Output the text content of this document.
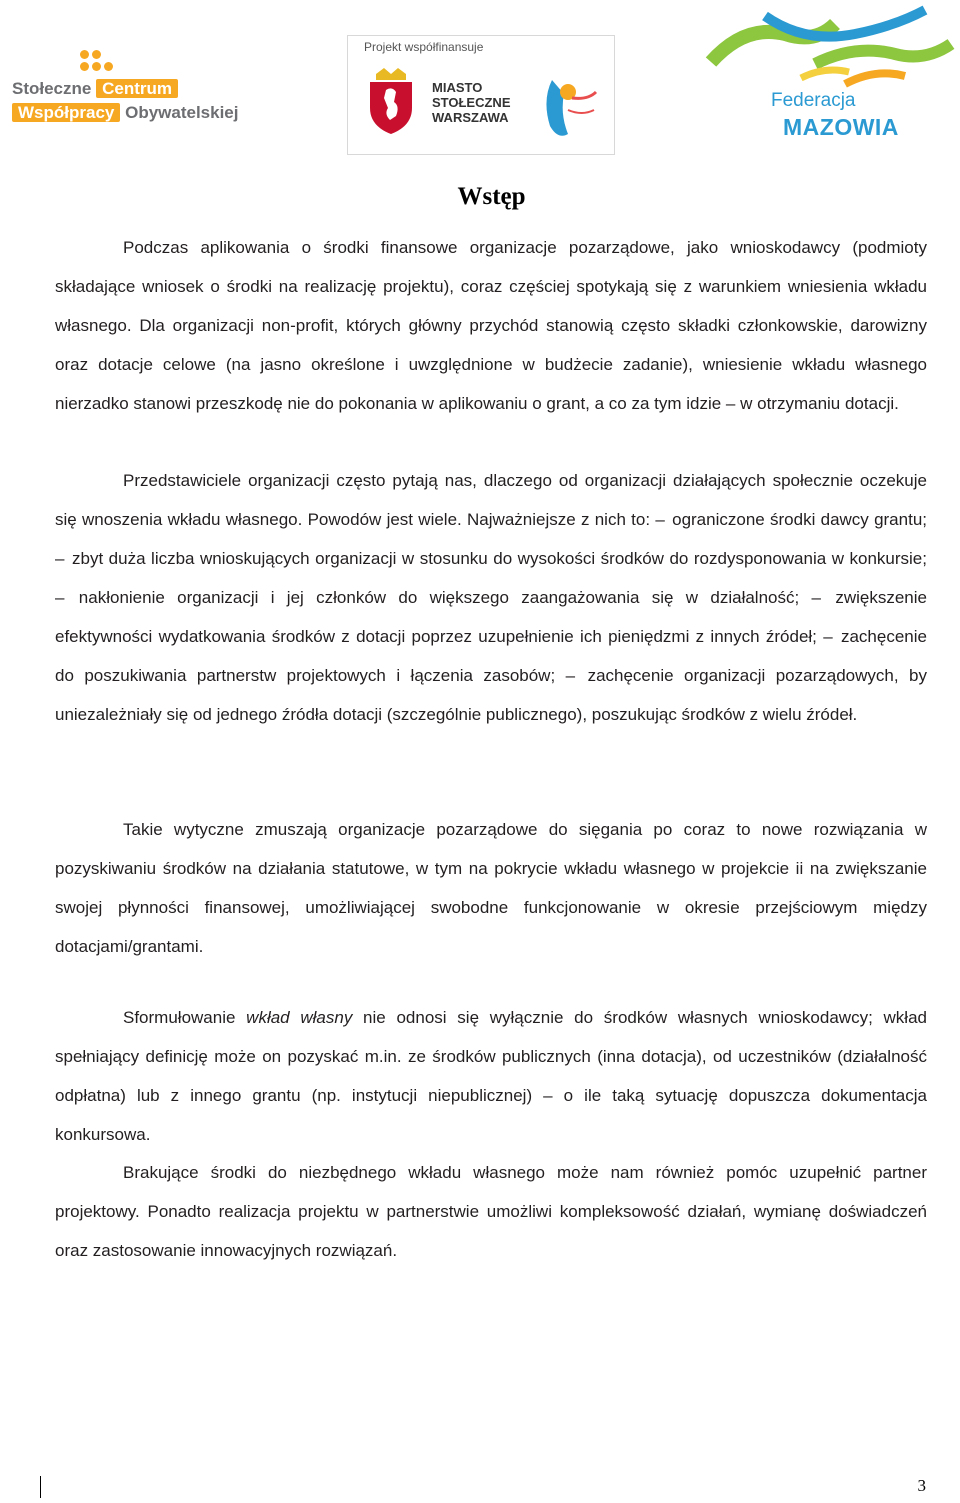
Stołeczne Centrum
Współpracy Obywatelskiej
Projekt współfinansuje
MIASTO
STOŁECZNE
WARSZAWA
Federacja
MAZOWIA
Wstęp
Podczas aplikowania o środki finansowe organizacje pozarządowe, jako wnioskodawcy (podmioty składające wniosek o środki na realizację projektu), coraz częściej spotykają się z warunkiem wniesienia wkładu własnego. Dla organizacji non-profit, których główny przychód stanowią często składki członkowskie, darowizny oraz dotacje celowe (na jasno określone i uwzględnione w budżecie zadanie), wniesienie wkładu własnego nierzadko stanowi przeszkodę nie do pokonania w aplikowaniu o grant, a co za tym idzie – w otrzymaniu dotacji.
Przedstawiciele organizacji często pytają nas, dlaczego od organizacji działających społecznie oczekuje się wnoszenia wkładu własnego. Powodów jest wiele. Najważniejsze z nich to: – ograniczone środki dawcy grantu; – zbyt duża liczba wnioskujących organizacji w stosunku do wysokości środków do rozdysponowania w konkursie; – nakłonienie organizacji i jej członków do większego zaangażowania się w działalność; – zwiększenie efektywności wydatkowania środków z dotacji poprzez uzupełnienie ich pieniędzmi z innych źródeł; – zachęcenie do poszukiwania partnerstw projektowych i łączenia zasobów; – zachęcenie organizacji pozarządowych, by uniezależniały się od jednego źródła dotacji (szczególnie publicznego), poszukując środków z wielu źródeł.
Takie wytyczne zmuszają organizacje pozarządowe do sięgania po coraz to nowe rozwiązania w pozyskiwaniu środków na działania statutowe, w tym na pokrycie wkładu własnego w projekcie ii na zwiększanie swojej płynności finansowej, umożliwiającej swobodne funkcjonowanie w okresie przejściowym między dotacjami/grantami.
Sformułowanie wkład własny nie odnosi się wyłącznie do środków własnych wnioskodawcy; wkład spełniający definicję może on pozyskać m.in. ze środków publicznych (inna dotacja), od uczestników (działalność odpłatna) lub z innego grantu (np. instytucji niepublicznej) – o ile taką sytuację dopuszcza dokumentacja konkursowa.
Brakujące środki do niezbędnego wkładu własnego może nam również pomóc uzupełnić partner projektowy. Ponadto realizacja projektu w partnerstwie umożliwi kompleksowość działań, wymianę doświadczeń oraz zastosowanie innowacyjnych rozwiązań.
3
